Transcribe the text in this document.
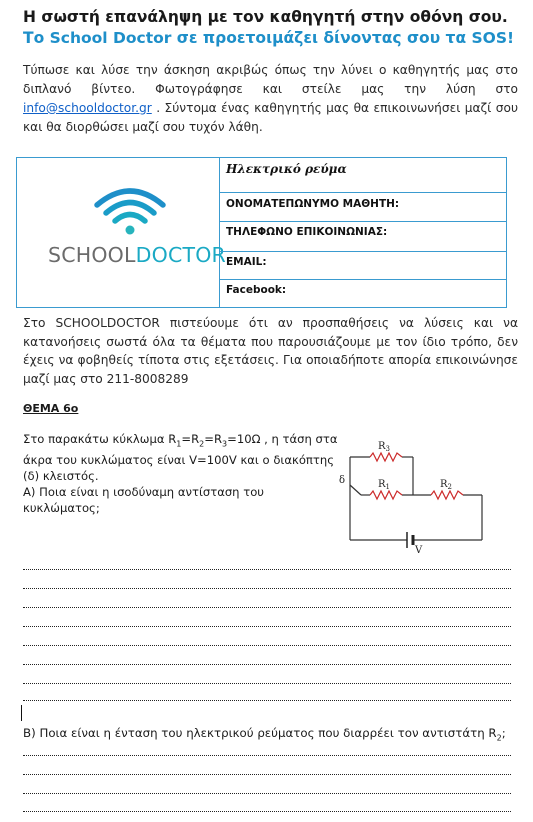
Η σωστή επανάληψη με τον καθηγητή στην οθόνη σου.
Το School Doctor σε προετοιμάζει δίνοντας σου τα SOS!
Τύπωσε και λύσε την άσκηση ακριβώς όπως την λύνει ο καθηγητής μας στο διπλανό βίντεο. Φωτογράφησε και στείλε μας την λύση στο info@schooldoctor.gr . Σύντομα ένας καθηγητής μας θα επικοινωνήσει μαζί σου και θα διορθώσει μαζί σου τυχόν λάθη.
SCHOOLDOCTOR
Ηλεκτρικό ρεύμα
ΟΝΟΜΑΤΕΠΩΝΥΜΟ ΜΑΘΗΤΗ:
ΤΗΛΕΦΩΝΟ ΕΠΙΚΟΙΝΩΝΙΑΣ:
EMAIL:
Facebook:
Στο SCHOOLDOCTOR πιστεύουμε ότι αν προσπαθήσεις να λύσεις και να κατανοήσεις σωστά όλα τα θέματα που παρουσιάζουμε με τον ίδιο τρόπο, δεν έχεις να φοβηθείς τίποτα στις εξετάσεις. Για οποιαδήποτε απορία επικοινώνησε μαζί μας στο 211-8008289
ΘΕΜΑ 6ο
Στο παρακάτω κύκλωμα $R_1=R_2=R_3=10\Omega$ , η τάση στα άκρα του κυκλώματος είναι V=100V και ο διακόπτης (δ) κλειστός.
Α) Ποια είναι η ισοδύναμη αντίσταση του κυκλώματος;
$R_3$
$R_1$	$R_2$
δ
V
Β) Ποια είναι η ένταση του ηλεκτρικού ρεύματος που διαρρέει τον αντιστάτη $R_2$;
